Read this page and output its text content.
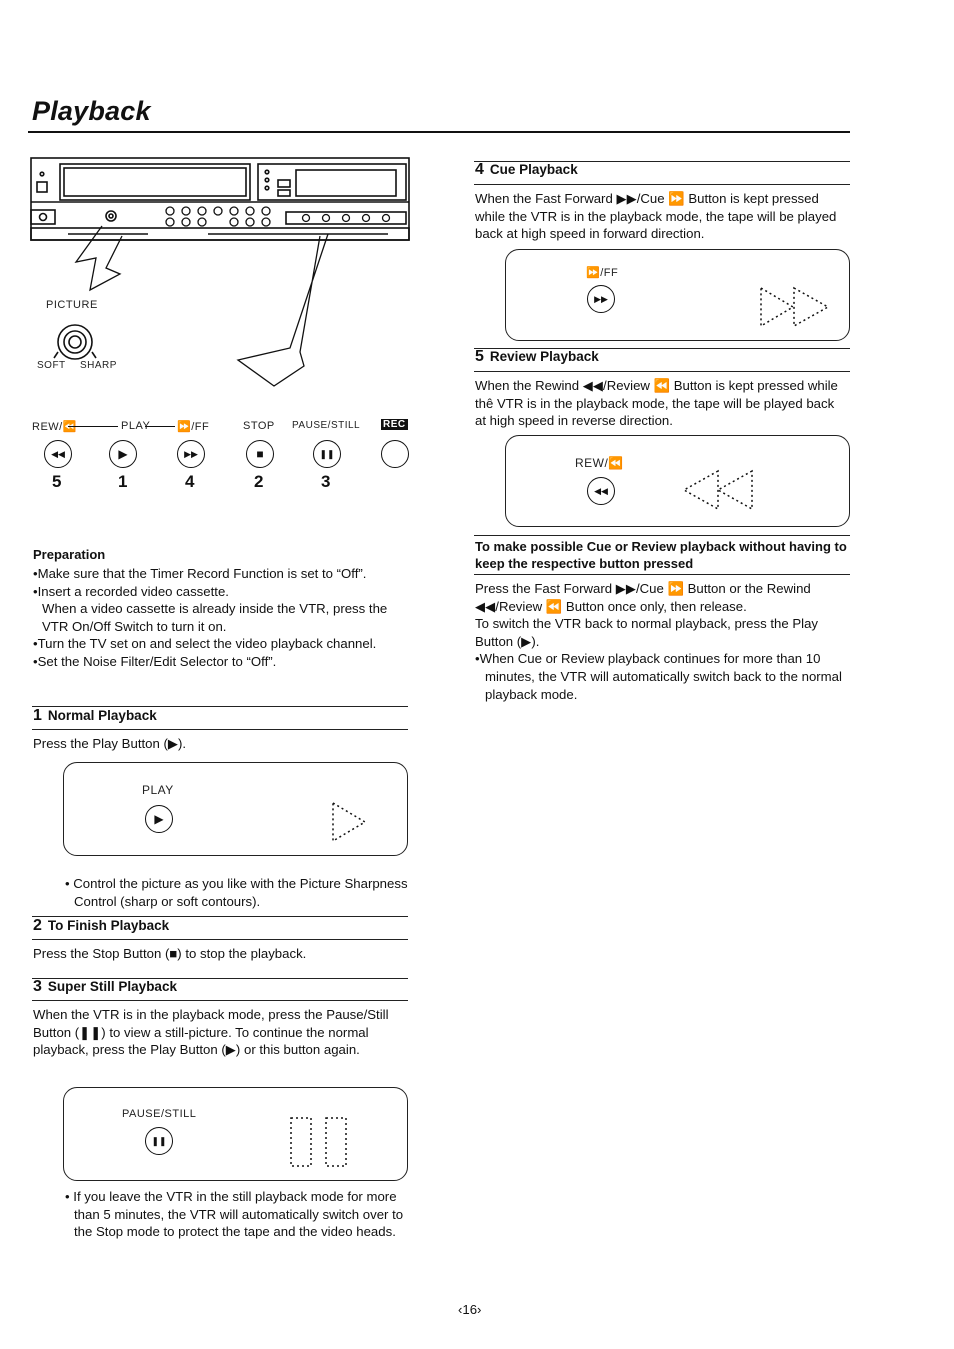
Playback
PICTURE
SOFT SHARP
REW/⏪	PLAY ⏩/FF	STOP PAUSE/STILL REC
◀◀	▶	▶▶	■	❚❚
5	1	4	2	3
Preparation
•Make sure that the Timer Record Function is set to “Off”.
•Insert a recorded video cassette.
When a video cassette is already inside the VTR, press the VTR On/Off Switch to turn it on.
•Turn the TV set on and select the video playback channel.
•Set the Noise Filter/Edit Selector to “Off”.
1 Normal Playback
Press the Play Button (▶).
PLAY
▶
• Control the picture as you like with the Picture Sharpness Control (sharp or soft contours).
2 To Finish Playback
Press the Stop Button (■) to stop the playback.
3 Super Still Playback
When the VTR is in the playback mode, press the Pause/Still Button (❚❚) to view a still-picture. To continue the normal playback, press the Play Button (▶) or this button again.
PAUSE/STILL
❚❚
• If you leave the VTR in the still playback mode for more than 5 minutes, the VTR will automatically switch over to the Stop mode to protect the tape and the video heads.
4 Cue Playback
When the Fast Forward ▶▶/Cue ⏩ Button is kept pressed while the VTR is in the playback mode, the tape will be played back at high speed in forward direction.
⏩/FF
▶▶
5 Review Playback
When the Rewind ◀◀/Review ⏪ Button is kept pressed while thê VTR is in the playback mode, the tape will be played back at high speed in reverse direction.
REW/⏪
◀◀
To make possible Cue or Review playback without having to keep the respective button pressed
Press the Fast Forward ▶▶/Cue ⏩ Button or the Rewind ◀◀/Review ⏪ Button once only, then release.
To switch the VTR back to normal playback, press the Play Button (▶).
•When Cue or Review playback continues for more than 10 minutes, the VTR will automatically switch back to the normal playback mode.
‹16›
